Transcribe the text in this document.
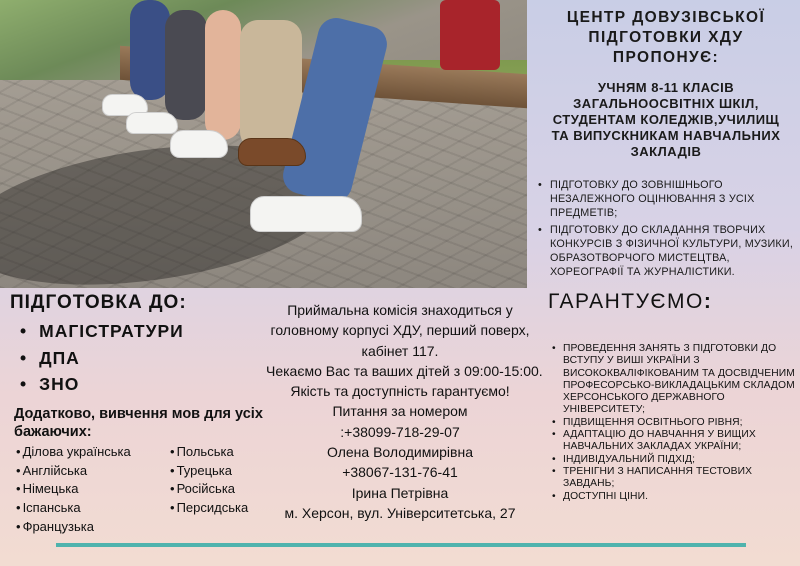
ЦЕНТР ДОВУЗІВСЬКОЇ
ПІДГОТОВКИ ХДУ
ПРОПОНУЄ:
УЧНЯМ 8-11 КЛАСІВ
ЗАГАЛЬНООСВІТНІХ ШКІЛ,
СТУДЕНТАМ КОЛЕДЖІВ,УЧИЛИЩ
ТА ВИПУСКНИКАМ НАВЧАЛЬНИХ
ЗАКЛАДІВ
• ПІДГОТОВКУ ДО ЗОВНІШНЬОГО НЕЗАЛЕЖНОГО ОЦІНЮВАННЯ З УСІХ ПРЕДМЕТІВ;
• ПІДГОТОВКУ ДО СКЛАДАННЯ ТВОРЧИХ КОНКУРСІВ З ФІЗИЧНОЇ КУЛЬТУРИ, МУЗИКИ, ОБРАЗОТВОРЧОГО МИСТЕЦТВА, ХОРЕОГРАФІЇ ТА ЖУРНАЛІСТИКИ.
ПІДГОТОВКА ДО:
• МАГІСТРАТУРИ
• ДПА
• ЗНО
Додатково, вивчення мов для усіх бажаючих:
• Ділова українська
• Англійська
• Німецька
• Іспанська
• Французька
• Польська
• Турецька
• Російська
• Персидська
Приймальна комісія знаходиться у
головному корпусі ХДУ, перший поверх,
кабінет 117.
Чекаємо Вас та ваших дітей з 09:00-15:00.
Якість та доступність гарантуємо!
Питання за номером
:+38099-718-29-07
Олена Володимирівна
+38067-131-76-41
Ірина Петрівна
м. Херсон, вул. Університетська, 27
ГАРАНТУЄМО:
• ПРОВЕДЕННЯ ЗАНЯТЬ З ПІДГОТОВКИ ДО ВСТУПУ У ВИШІ УКРАЇНИ З ВИСОКОКВАЛІФІКОВАНИМ ТА ДОСВІДЧЕНИМ ПРОФЕСОРСЬКО-ВИКЛАДАЦЬКИМ СКЛАДОМ ХЕРСОНСЬКОГО ДЕРЖАВНОГО УНІВЕРСИТЕТУ;
• ПІДВИЩЕННЯ ОСВІТНЬОГО РІВНЯ;
• АДАПТАЦІЮ ДО НАВЧАННЯ У ВИЩИХ НАВЧАЛЬНИХ ЗАКЛАДАХ УКРАЇНИ;
• ІНДИВІДУАЛЬНИЙ ПІДХІД;
• ТРЕНІГНИ З НАПИСАННЯ ТЕСТОВИХ ЗАВДАНЬ;
• ДОСТУПНІ ЦІНИ.
